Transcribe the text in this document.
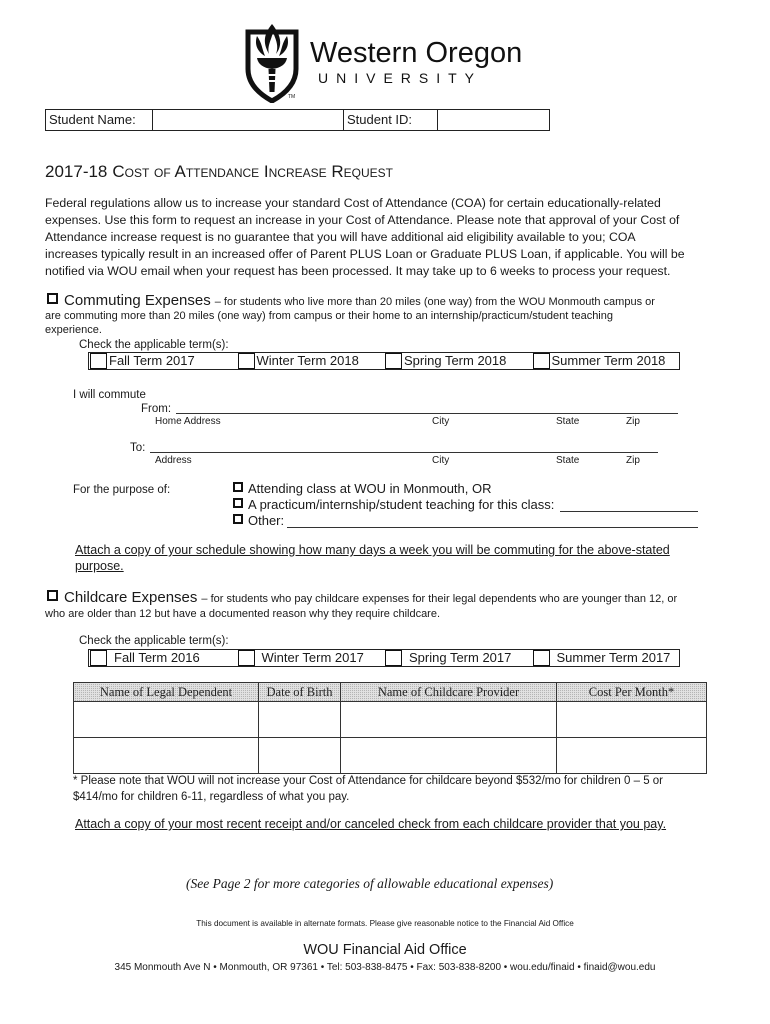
Western Oregon
UNIVERSITY
TM
Student Name:	Student ID:
2017-18 Cost of Attendance Increase Request
Federal regulations allow us to increase your standard Cost of Attendance (COA) for certain educationally-related
expenses. Use this form to request an increase in your Cost of Attendance. Please note that approval of your Cost of
Attendance increase request is no guarantee that you will have additional aid eligibility available to you; COA
increases typically result in an increased offer of Parent PLUS Loan or Graduate PLUS Loan, if applicable. You will be
notified via WOU email when your request has been processed. It may take up to 6 weeks to process your request.
Commuting Expenses – for students who live more than 20 miles (one way) from the WOU Monmouth campus or
are commuting more than 20 miles (one way) from campus or their home to an internship/practicum/student teaching
experience.
Check the applicable term(s):
Fall Term 2017	Winter Term 2018	Spring Term 2018	Summer Term 2018
I will commute
From:
Home Address	City	State	Zip
To:
Address	City	State	Zip
For the purpose of:	Attending class at WOU in Monmouth, OR
A practicum/internship/student teaching for this class:
Other:
Attach a copy of your schedule showing how many days a week you will be commuting for the above-stated
purpose.
Childcare Expenses – for students who pay childcare expenses for their legal dependents who are younger than 12, or
who are older than 12 but have a documented reason why they require childcare.
Check the applicable term(s):
Fall Term 2016	Winter Term 2017	Spring Term 2017	Summer Term 2017
Name of Legal Dependent	Date of Birth	Name of Childcare Provider	Cost Per Month*

* Please note that WOU will not increase your Cost of Attendance for childcare beyond $532/mo for children 0 – 5 or
$414/mo for children 6-11, regardless of what you pay.
Attach a copy of your most recent receipt and/or canceled check from each childcare provider that you pay.
(See Page 2 for more categories of allowable educational expenses)
This document is available in alternate formats. Please give reasonable notice to the Financial Aid Office
WOU Financial Aid Office
345 Monmouth Ave N • Monmouth, OR 97361 • Tel: 503-838-8475 • Fax: 503-838-8200 • wou.edu/finaid • finaid@wou.edu
